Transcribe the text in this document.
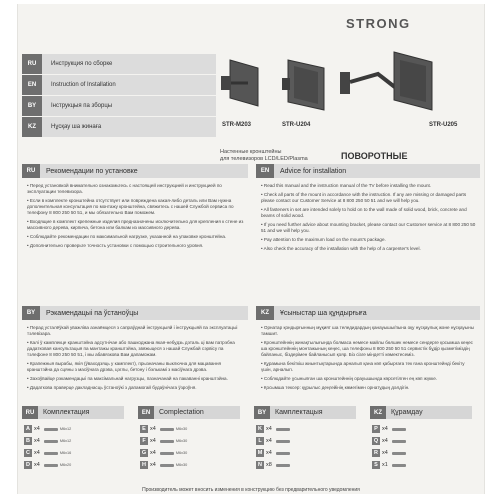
STRONG
RU	Инструкция по сборке
EN	Instruction of Installation
BY	Інструкцыя па зборцы
KZ	Нұсқау ша жинаға	STR-M203	STR-U204	STR-U205
Настенные кронштейны
для телевизоров LCD/LED/Plasma	ПОВОРОТНЫЕ
RU	Рекомендации по установке

• Перед установкой внимательно ознакомьтесь с настоящей инструкцией и инструкцией по эксплуатации телевизора.

• Если в комплекте кронштейна отсутствует или повреждена какая-либо деталь или Вам нужна дополнительная консультация по монтажу кронштейна, свяжитесь с нашей Службой сервиса по телефону 8 800 250 50 51, и мы обязательно Вам поможем.

• Входящие в комплект крепежные изделия предназначены исключительно для крепления к стене из массивного дерева, кирпича, бетона или балкам из массивного дерева.

• Соблюдайте рекомендации по максимальной нагрузке, указанной на упаковке кронштейна.

• Дополнительно проверьте точность установки с помощью строительного уровня.

EN	Advice for installation

• Read this manual and the instruction manual of the TV before installing the mount.

• Check all parts of the mount in accordance with the instruction. If any are missing or damaged parts please contact our Customer Service at 8 800 250 50 51 and we will help you.

• All fasteners in set are intended solely to hold on to the wall made of solid wood, brick, concrete and beams of solid wood.

• If you need further advice about mounting bracket, please contact our Customer service at 8 800 250 50 51 and we will help you.

• Pay attention to the maximum load on the mount's package.

• Also check the accuracy of the installation with the help of a carpenter's level.

BY	Рэкамендацыі па ўстаноўцы

• Перад усталёўкай уважліва азнаёмцеся з сапраўднай інструкцыяй і інструкцыяй па эксплуатацыі тэлевізара.

• Калі ў камплекце кранштэйна адсутнічае або пашкоджана якая-небудзь дэталь ці вам патрэбна дадатковая кансультацыя па мантажы кранштэйна, звяжыцеся з нашай Службай сэрвісу па тэлефоне 8 800 250 50 51, і мы абавязкова Вам дапаможам.

• Крапежныя вырабы, якія (ўваходзяць у камплект), прызначаны выключна для мацавання кранштэйна да сцяны з масіўнага дрэва, цэглы, бетону і бэлькамі з масіўнага дрэва.

• Захоўвайце рэкамендацыі па максімальнай нагрузцы, пазначанай на пакаванні кранштэйна.

• Дадаткова праверце дакладнасць ўстаноўкі з дапамогай будаўнічага ўзроўня.

KZ	Ұсыныстар ша құндырғыға

• Орнатар қондырғынның мұқият ша теледидардың қанауышы/пына оқу нұсқаулық және нұсқауыны тамшит.

• Кронштейннің жинақтылығында болмаса немесе майлы бөлшек немесе сендерге қосымша кеңес ша кронштейннің монтажының кеңес, ша телефоны 8 800 250 50 51 сервистік бұдір қызметіміздің байланыс, біздерімен байланысып қояр. Біз сізге міндетті көмектесеміз.

• Құрамына бекіткіш жиынтықтарында арналып қана көп қабырғаға тек ғана кронштейнді бекіту үшін, арналып.

• Соблюдайте ұсынылған ша кронштейннің орауышында көрсетілген ең көп жүкке.

• Қосымша тексер: құрылыс деңгейінің көмегімен орнатудың дәлдігін.

RU	Комплектация
A x4	M6x12
B x4	M6x12
C x4	M6x16
D x4	M6x20
EN	Complectation
E x4	M6x30
F x4	M6x30
G x4	M6x30
H x4	M6x30
BY	Камплектацыя
K x4
L x4
M x4
N x8
KZ	Құрамдау
P x4
Q x4
R x4
S x1
Производитель может вносить изменения в конструкцию без предварительного уведомления
